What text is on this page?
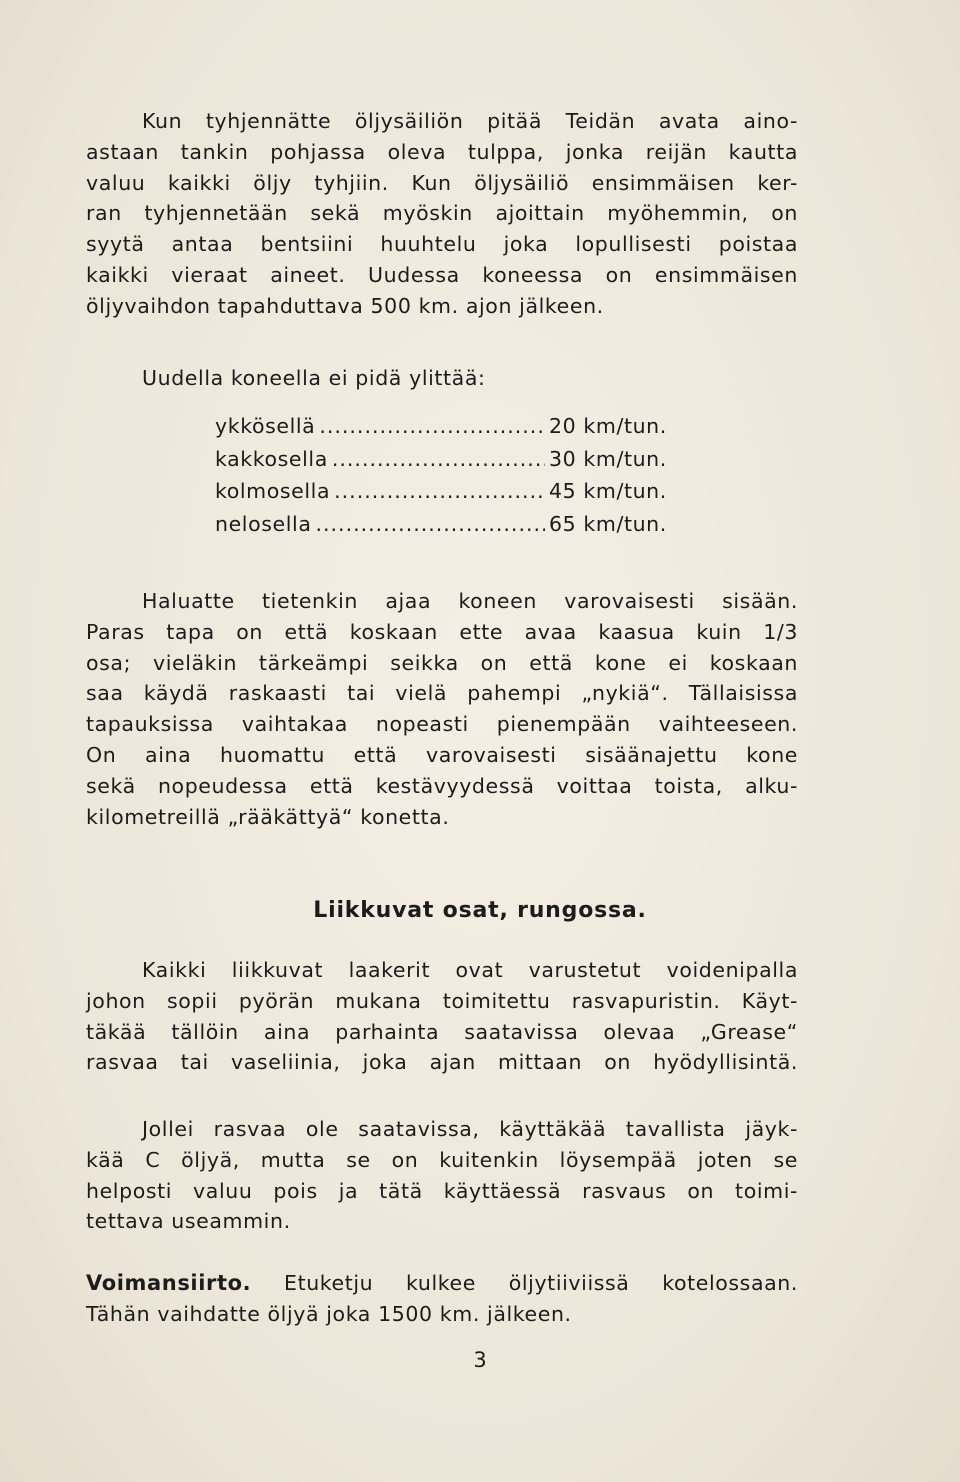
Kun tyhjennätte öljysäiliön pitää Teidän avata aino-
astaan tankin pohjassa oleva tulppa, jonka reijän kautta
valuu kaikki öljy tyhjiin. Kun öljysäiliö ensimmäisen ker-
ran tyhjennetään sekä myöskin ajoittain myöhemmin, on
syytä antaa bentsiini huuhtelu joka lopullisesti poistaa
kaikki vieraat aineet. Uudessa koneessa on ensimmäisen
öljyvaihdon tapahduttava 500 km. ajon jälkeen.
Uudella koneella ei pidä ylittää:
ykkösellä .....	20 km/tun.
kakkosella .....	30 km/tun.
kolmosella .....	45 km/tun.
nelosella .....	65 km/tun.
Haluatte tietenkin ajaa koneen varovaisesti sisään.
Paras tapa on että koskaan ette avaa kaasua kuin 1/3
osa; vieläkin tärkeämpi seikka on että kone ei koskaan
saa käydä raskaasti tai vielä pahempi „nykiä“. Tällaisissa
tapauksissa vaihtakaa nopeasti pienempään vaihteeseen.
On aina huomattu että varovaisesti sisäänajettu kone
sekä nopeudessa että kestävyydessä voittaa toista, alku-
kilometreillä „rääkättyä“ konetta.
Liikkuvat osat, rungossa.
Kaikki liikkuvat laakerit ovat varustetut voidenipalla
johon sopii pyörän mukana toimitettu rasvapuristin. Käyt-
täkää tällöin aina parhainta saatavissa olevaa „Grease“
rasvaa tai vaseliinia, joka ajan mittaan on hyödyllisintä.
Jollei rasvaa ole saatavissa, käyttäkää tavallista jäyk-
kää C öljyä, mutta se on kuitenkin löysempää joten se
helposti valuu pois ja tätä käyttäessä rasvaus on toimi-
tettava useammin.
Voimansiirto. Etuketju kulkee öljytiiviissä kotelossaan.
Tähän vaihdatte öljyä joka 1500 km. jälkeen.
3
